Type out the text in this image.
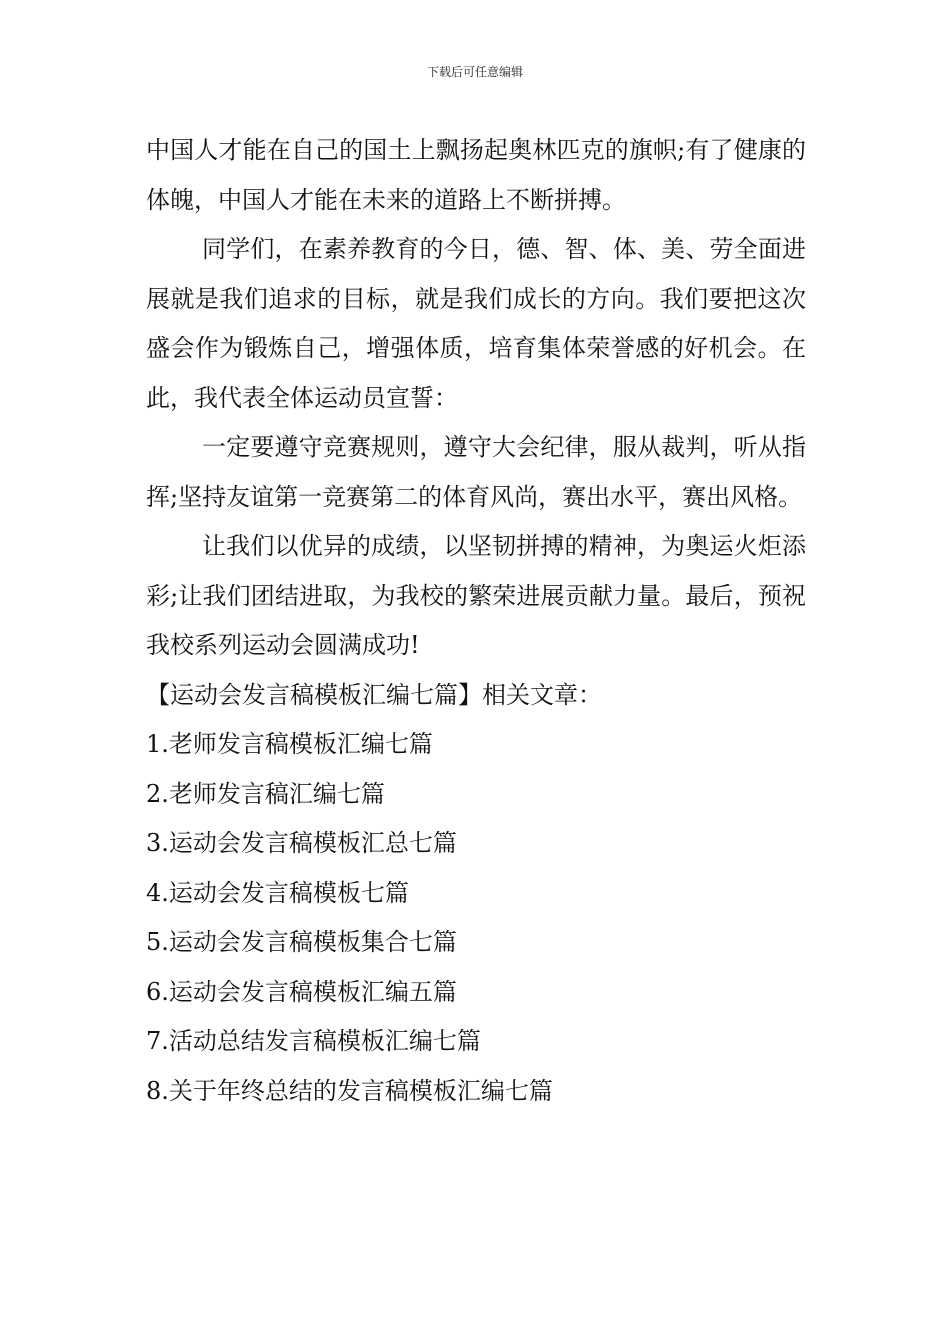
下载后可任意编辑

中国人才能在自己的国土上飘扬起奥林匹克的旗帜;有了健康的体魄，中国人才能在未来的道路上不断拼搏。

同学们，在素养教育的今日，德、智、体、美、劳全面进展就是我们追求的目标，就是我们成长的方向。我们要把这次盛会作为锻炼自己，增强体质，培育集体荣誉感的好机会。在此，我代表全体运动员宣誓：

一定要遵守竞赛规则，遵守大会纪律，服从裁判，听从指挥;坚持友谊第一竞赛第二的体育风尚，赛出水平，赛出风格。

让我们以优异的成绩，以坚韧拼搏的精神，为奥运火炬添彩;让我们团结进取，为我校的繁荣进展贡献力量。最后，预祝我校系列运动会圆满成功!

【运动会发言稿模板汇编七篇】相关文章：

1.老师发言稿模板汇编七篇

2.老师发言稿汇编七篇

3.运动会发言稿模板汇总七篇

4.运动会发言稿模板七篇

5.运动会发言稿模板集合七篇

6.运动会发言稿模板汇编五篇

7.活动总结发言稿模板汇编七篇

8.关于年终总结的发言稿模板汇编七篇
